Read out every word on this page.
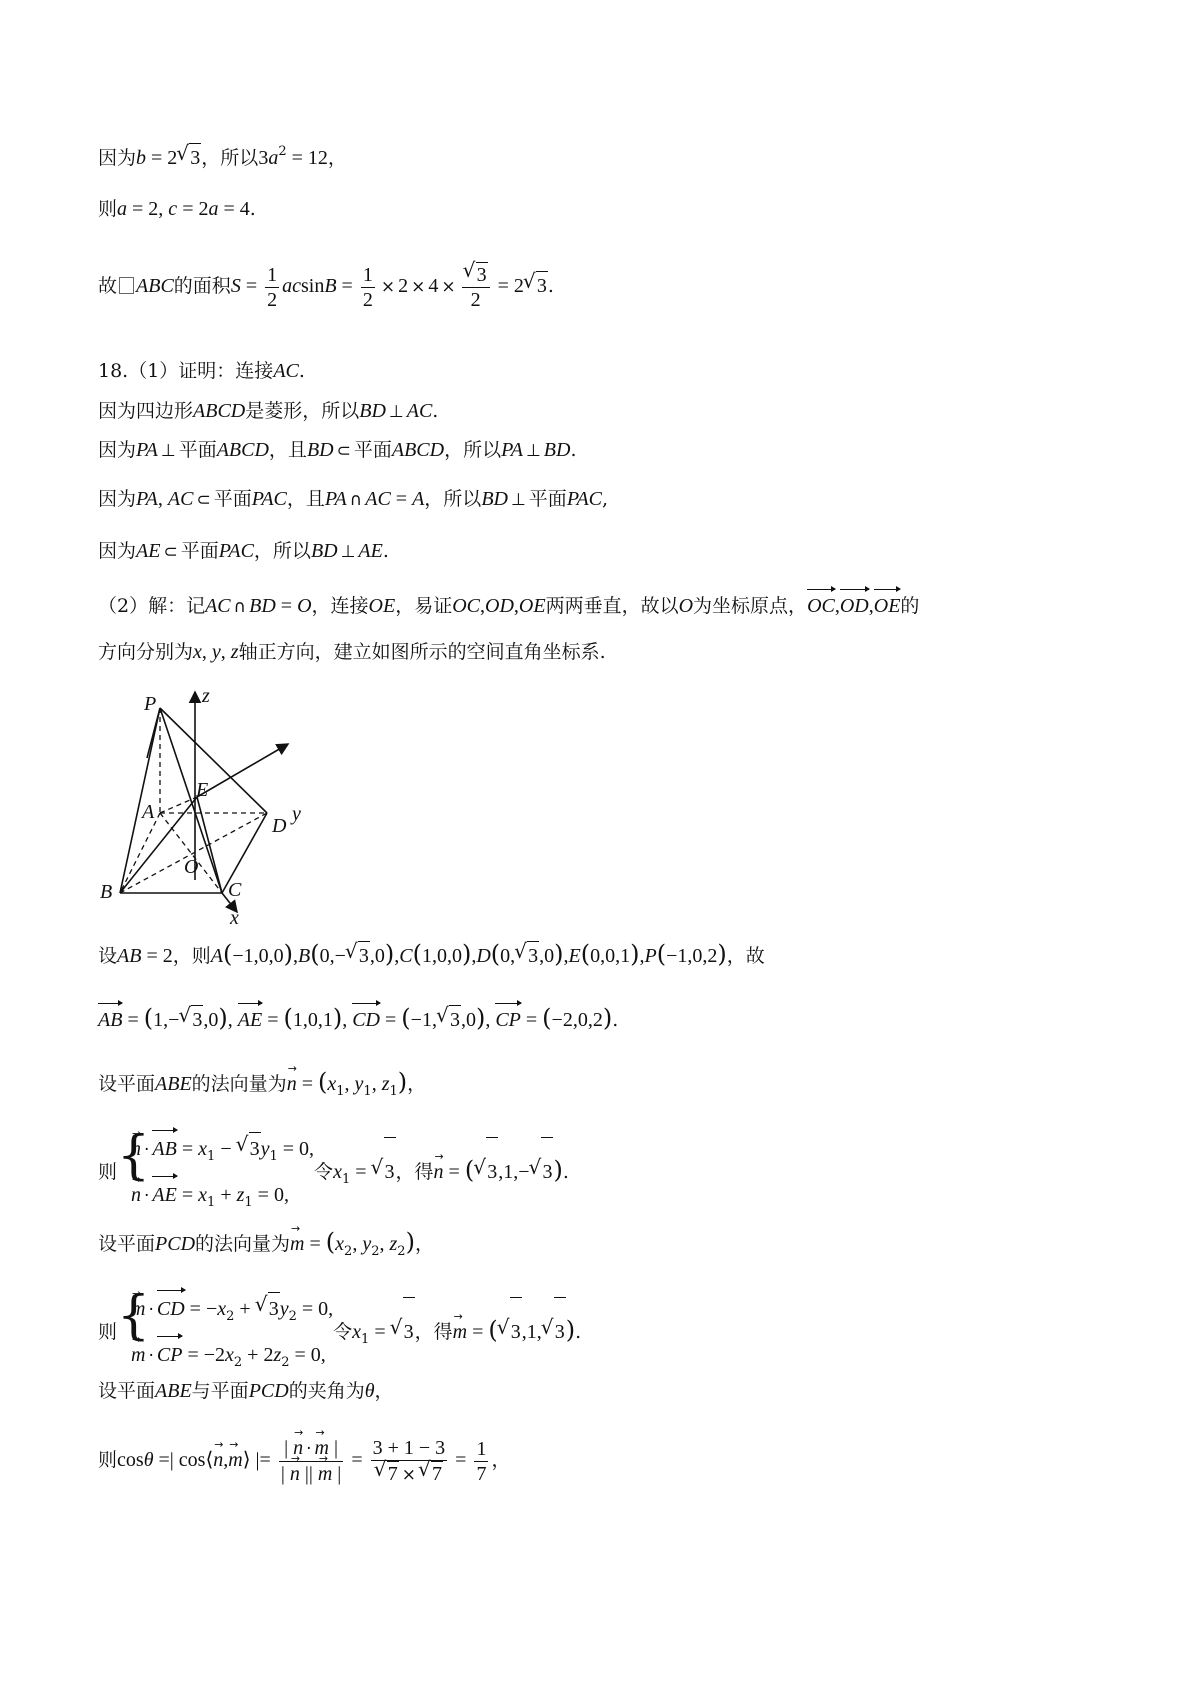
因为b = 2√ 3，所以$3a^2 = 12$，
则a = 2, c = 2a = 4.
故 ABC的面积$S = \frac{1}{2}$ $acsinB = \frac{1}{2} \times 2 \times 4$ ×
√ $\frac{3}{2} = 2√$ 3.
18.（1）证明：连接AC.
因为四边形ABCD是菱形，所以BD ⊥ AC.
因为PA ⊥ 平面ABCD，且BD ⊂ 平面ABCD，所以PA ⊥ BD.
因为PA, AC ⊂ 平面PAC，且PA ∩ AC = A，所以BD ⊥ 平面PAC,
因为AE ⊂ 平面PAC，所以BD ⊥ AE.
（2）解：记AC ∩ BD = O，连接OE，易证OC,OD,OE两两垂直，故以O为坐标原点，OC,OD,OE的
方向分别为x, y, z轴正方向，建立如图所示的空间直角坐标系.
P z
E
A	y
D
O
B	C
x
设AB = 2，则A(−1,0,0),B(0,−√ 3,0),C(1,0,0),D(0,√ 3,0),E(0,0,1),P(−1,0,2)，故
AB = (1,−√ 3,0), AE = (1,0,1), CD = (−1,√ 3,0), CP = (−2,0,2).
设平面ABE的法向量为n → = ($x_1$, $y_1$, $z_1$)，
则
{ n → · AB = $x_1$ − √ $3y_1 = 0$,
n → · AE = $x_1 + z_1 = 0$,
令$x_1$ = √ 3，得n → = (√ 3,1,−√ 3).
设平面PCD的法向量为m → = ($x_2$, $y_2$, $z_2$)，
则
{ m → · CD = $-x_2$ + √ $3y_2 = 0$,
m → · CP = $-2x_2 + 2z_2 = 0$,
令$x_1$ = √ 3，得m → = (√ 3,1,√ 3).
设平面ABE与平面PCD的夹角为θ，
则cosθ =| cos⟨n →,m →⟩ |= $\frac{| n \to \cdot m \to |}{| n \to || m \to |} = 3 + 1 - 3$
√ 7 ×√ $7 = \frac{1}{7}$ ，
